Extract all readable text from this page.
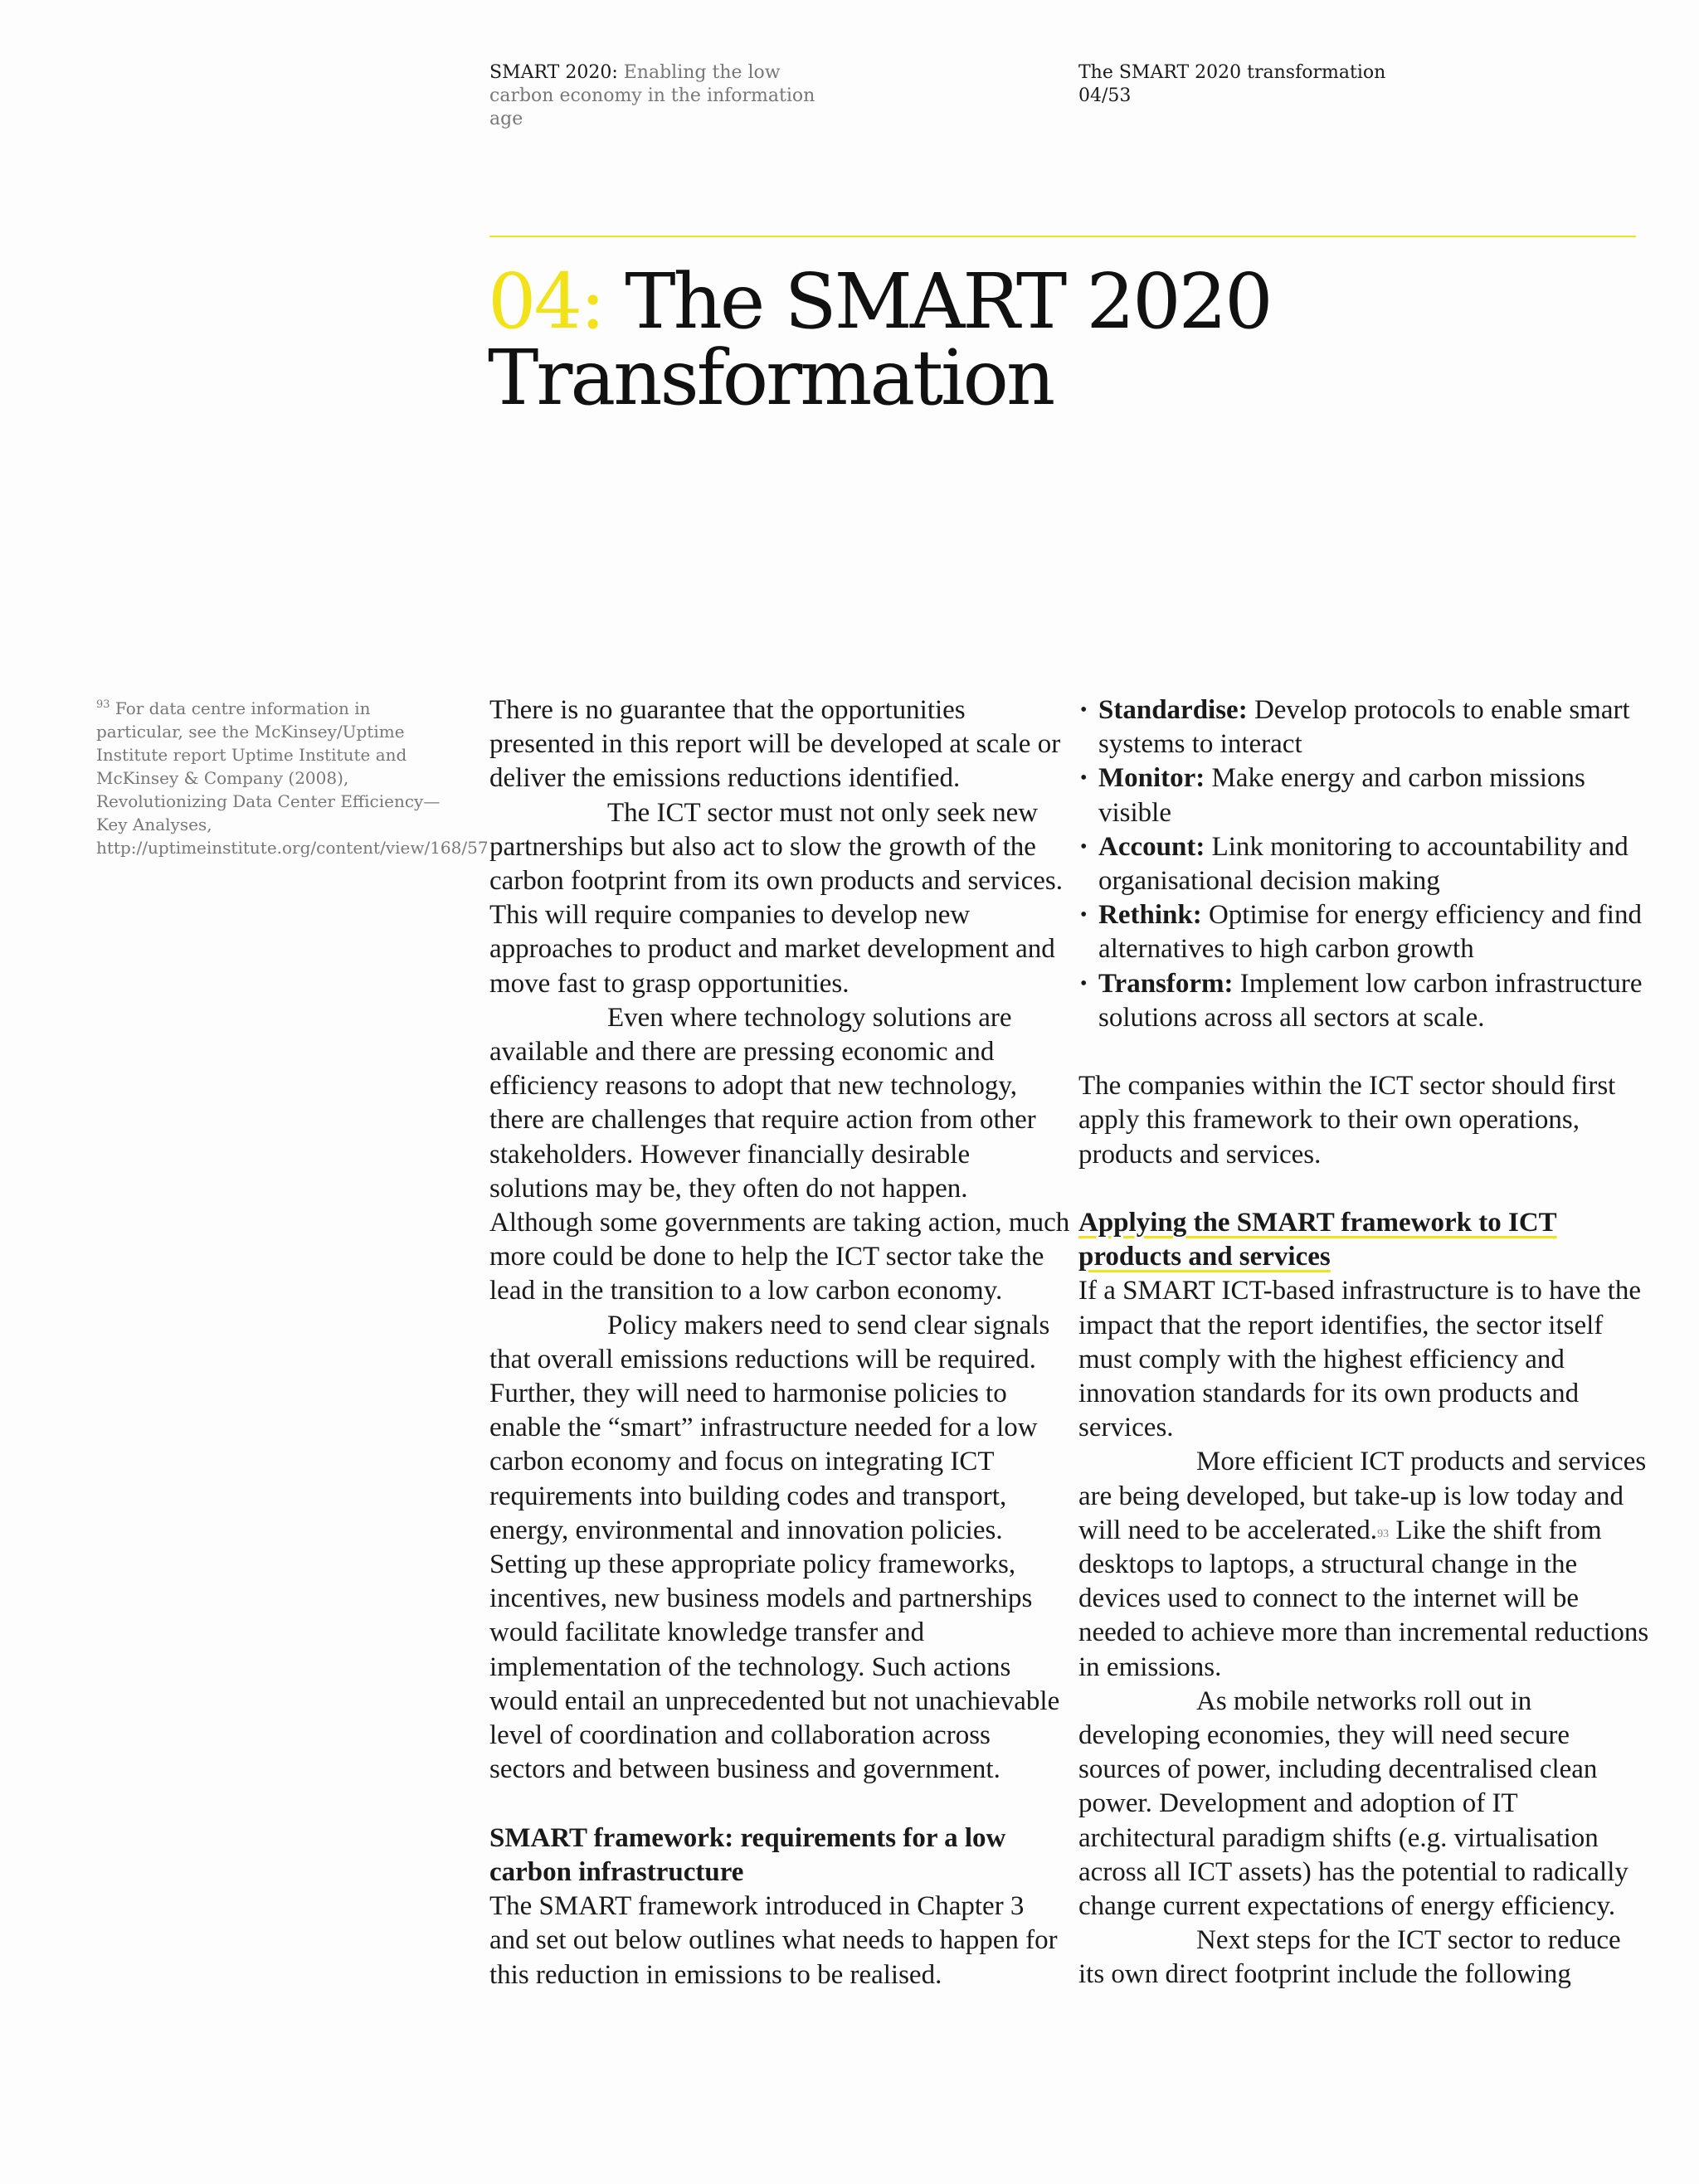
SMART 2020: Enabling the low carbon economy in the information age
The SMART 2020 transformation
04/53
04: The SMART 2020
Transformation
$^{93}$ For data centre information in particular, see the McKinsey/Uptime Institute report Uptime Institute and McKinsey & Company (2008), Revolutionizing Data Center Efficiency—Key Analyses, http://uptimeinstitute.org/content/view/168/57

There is no guarantee that the opportunities presented in this report will be developed at scale or deliver the emissions reductions identified.

The ICT sector must not only seek new partnerships but also act to slow the growth of the carbon footprint from its own products and services. This will require companies to develop new approaches to product and market development and move fast to grasp opportunities.

Even where technology solutions are available and there are pressing economic and efficiency reasons to adopt that new technology, there are challenges that require action from other stakeholders. However financially desirable solutions may be, they often do not happen. Although some governments are taking action, much more could be done to help the ICT sector take the lead in the transition to a low carbon economy.

Policy makers need to send clear signals that overall emissions reductions will be required. Further, they will need to harmonise policies to enable the “smart” infrastructure needed for a low carbon economy and focus on integrating ICT requirements into building codes and transport, energy, environmental and innovation policies. Setting up these appropriate policy frameworks, incentives, new business models and partnerships would facilitate knowledge transfer and implementation of the technology. Such actions would entail an unprecedented but not unachievable level of coordination and collaboration across sectors and between business and government.

SMART framework: requirements for a low carbon infrastructure

The SMART framework introduced in Chapter 3 and set out below outlines what needs to happen for this reduction in emissions to be realised.

• Standardise: Develop protocols to enable smart systems to interact
• Monitor: Make energy and carbon missions visible
• Account: Link monitoring to accountability and organisational decision making
• Rethink: Optimise for energy efficiency and find alternatives to high carbon growth
• Transform: Implement low carbon infrastructure solutions across all sectors at scale.

The companies within the ICT sector should first apply this framework to their own operations, products and services.

Applying the SMART framework to ICT products and services

If a SMART ICT-based infrastructure is to have the impact that the report identifies, the sector itself must comply with the highest efficiency and innovation standards for its own products and services.

More efficient ICT products and services are being developed, but take-up is low today and will need to be accelerated.$^{93}$ Like the shift from desktops to laptops, a structural change in the devices used to connect to the internet will be needed to achieve more than incremental reductions in emissions.

As mobile networks roll out in developing economies, they will need secure sources of power, including decentralised clean power. Development and adoption of IT architectural paradigm shifts (e.g. virtualisation across all ICT assets) has the potential to radically change current expectations of energy efficiency.

Next steps for the ICT sector to reduce its own direct footprint include the following
